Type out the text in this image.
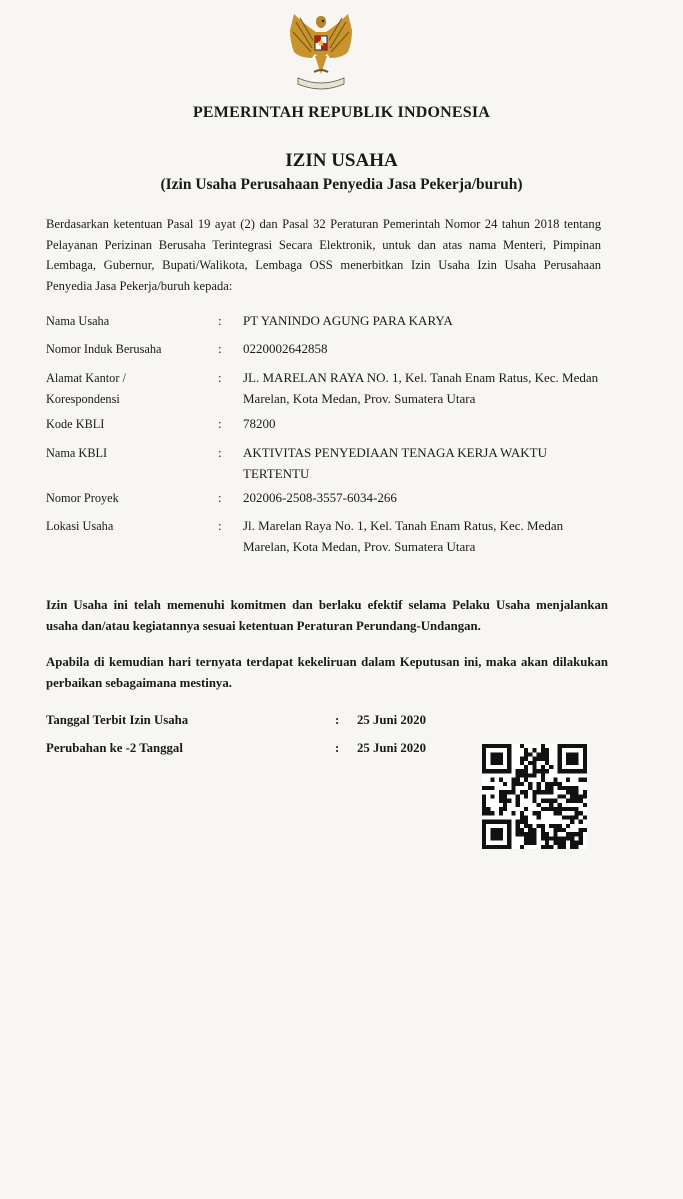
PEMERINTAH REPUBLIK INDONESIA
IZIN USAHA
(Izin Usaha Perusahaan Penyedia Jasa Pekerja/buruh)
Berdasarkan ketentuan Pasal 19 ayat (2) dan Pasal 32 Peraturan Pemerintah Nomor 24 tahun 2018 tentang Pelayanan Perizinan Berusaha Terintegrasi Secara Elektronik, untuk dan atas nama Menteri, Pimpinan Lembaga, Gubernur, Bupati/Walikota, Lembaga OSS menerbitkan Izin Usaha Izin Usaha Perusahaan Penyedia Jasa Pekerja/buruh kepada:
Nama Usaha	:	PT YANINDO AGUNG PARA KARYA
Nomor Induk Berusaha	:	0220002642858
Alamat Kantor / Korespondensi
:	JL. MARELAN RAYA NO. 1, Kel. Tanah Enam Ratus, Kec. Medan Marelan, Kota Medan, Prov. Sumatera Utara
Kode KBLI	:	78200
Nama KBLI	:	AKTIVITAS PENYEDIAAN TENAGA KERJA WAKTU TERTENTU
Nomor Proyek	:	202006-2508-3557-6034-266
Lokasi Usaha	:	Jl. Marelan Raya No. 1, Kel. Tanah Enam Ratus, Kec. Medan Marelan, Kota Medan, Prov. Sumatera Utara
Izin Usaha ini telah memenuhi komitmen dan berlaku efektif selama Pelaku Usaha menjalankan usaha dan/atau kegiatannya sesuai ketentuan Peraturan Perundang-Undangan.
Apabila di kemudian hari ternyata terdapat kekeliruan dalam Keputusan ini, maka akan dilakukan perbaikan sebagaimana mestinya.
Tanggal Terbit Izin Usaha	: 25 Juni 2020
Perubahan ke -2 Tanggal	: 25 Juni 2020
